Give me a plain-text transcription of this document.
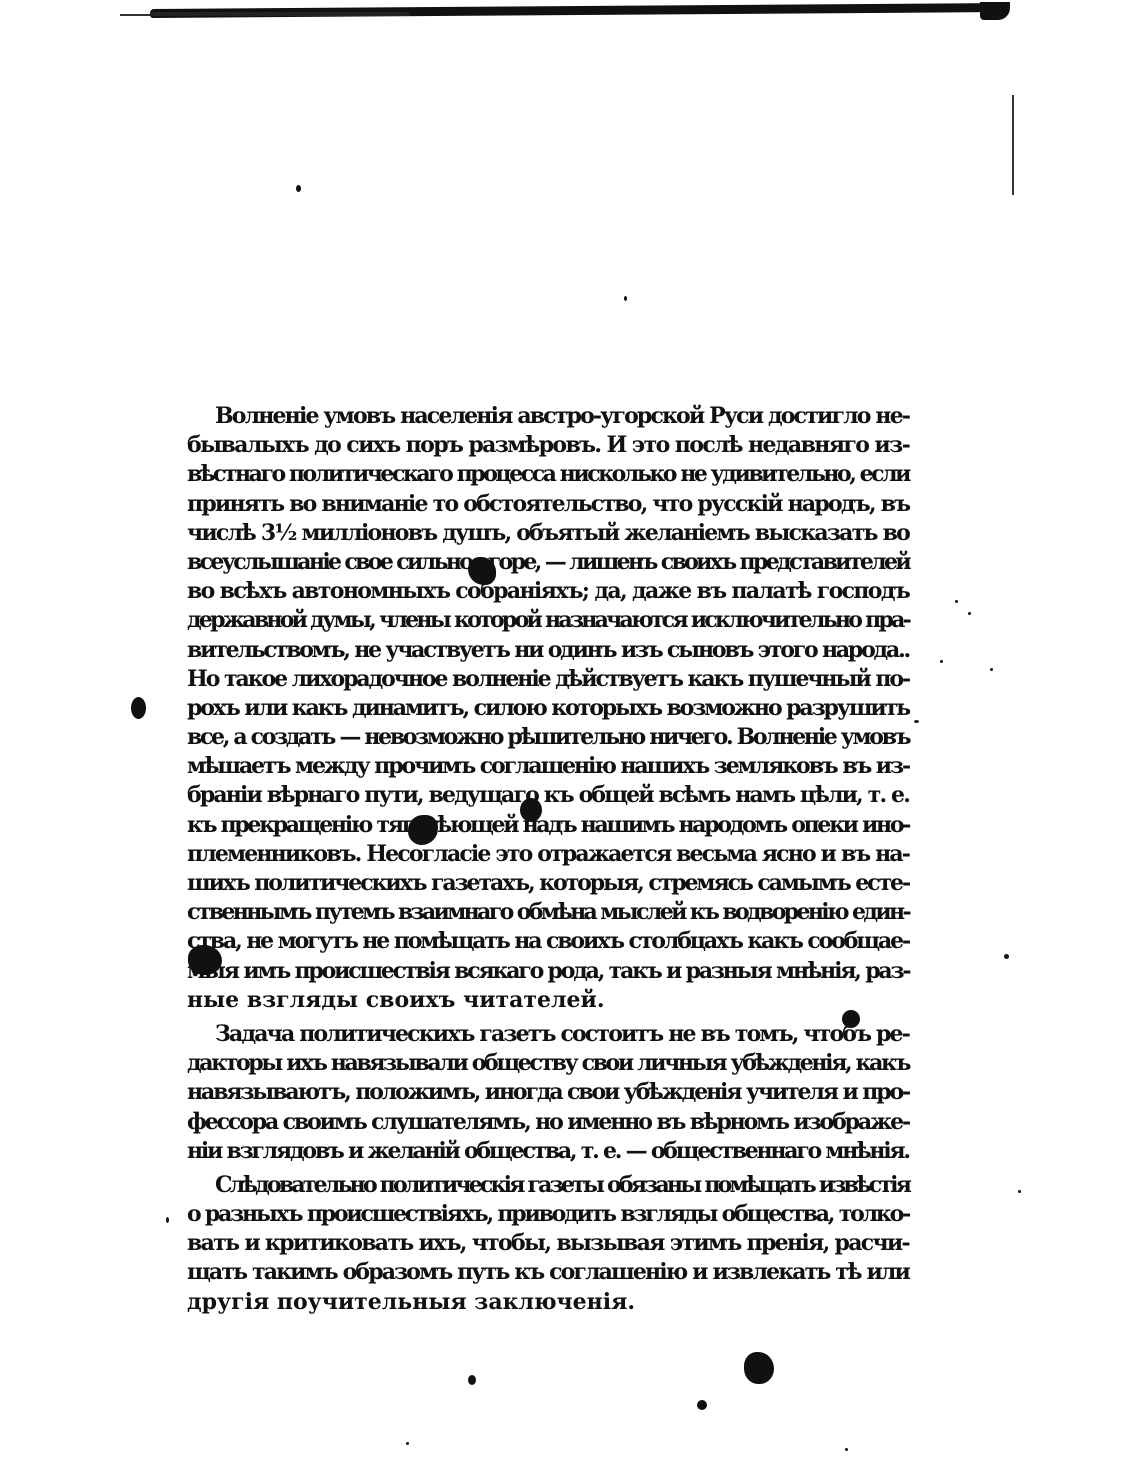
Волненіе умовъ населенія австро-угорской Руси достигло не-
бывалыхъ до сихъ поръ размѣровъ. И это послѣ недавняго из-
вѣстнаго политическаго процесса нисколько не удивительно, если
принять во вниманіе то обстоятельство, что русскій народъ, въ
числѣ 3½ милліоновъ душъ, объятый желаніемъ высказать во
всеуслышаніе свое сильное горе, — лишенъ своихъ представителей
во всѣхъ автономныхъ собраніяхъ; да, даже въ палатѣ господъ
державной думы, члены которой назначаются исключительно пра-
вительствомъ, не участвуетъ ни одинъ изъ сыновъ этого народа..
Но такое лихорадочное волненіе дѣйствуетъ какъ пушечный по-
рохъ или какъ динамитъ, силою которыхъ возможно разрушить
все, а создать — невозможно рѣшительно ничего. Волненіе умовъ
мѣшаетъ между прочимъ соглашенію нашихъ земляковъ въ из-
браніи вѣрнаго пути, ведущаго къ общей всѣмъ намъ цѣли, т. е.
къ прекращенію тяготѣющей надъ нашимъ народомъ опеки ино-
племенниковъ. Несогласіе это отражается весьма ясно и въ на-
шихъ политическихъ газетахъ, которыя, стремясь самымъ есте-
ственнымъ путемъ взаимнаго обмѣна мыслей къ водворенію един-
ства, не могутъ не помѣщать на своихъ столбцахъ какъ сообщае-
мыя имъ происшествія всякаго рода, такъ и разныя мнѣнія, раз-
ные взгляды своихъ читателей.
Задача политическихъ газетъ состоитъ не въ томъ, чтобъ ре-
дакторы ихъ навязывали обществу свои личныя убѣжденія, какъ
навязываютъ, положимъ, иногда свои убѣжденія учителя и про-
фессора своимъ слушателямъ, но именно въ вѣрномъ изображе-
ніи взглядовъ и желаній общества, т. е. — общественнаго мнѣнія.
Слѣдовательно политическія газеты обязаны помѣщать извѣстія
о разныхъ происшествіяхъ, приводить взгляды общества, толко-
вать и критиковать ихъ, чтобы, вызывая этимъ пренія, расчи-
щать такимъ образомъ путь къ соглашенію и извлекать тѣ или
другія поучительныя заключенія.
